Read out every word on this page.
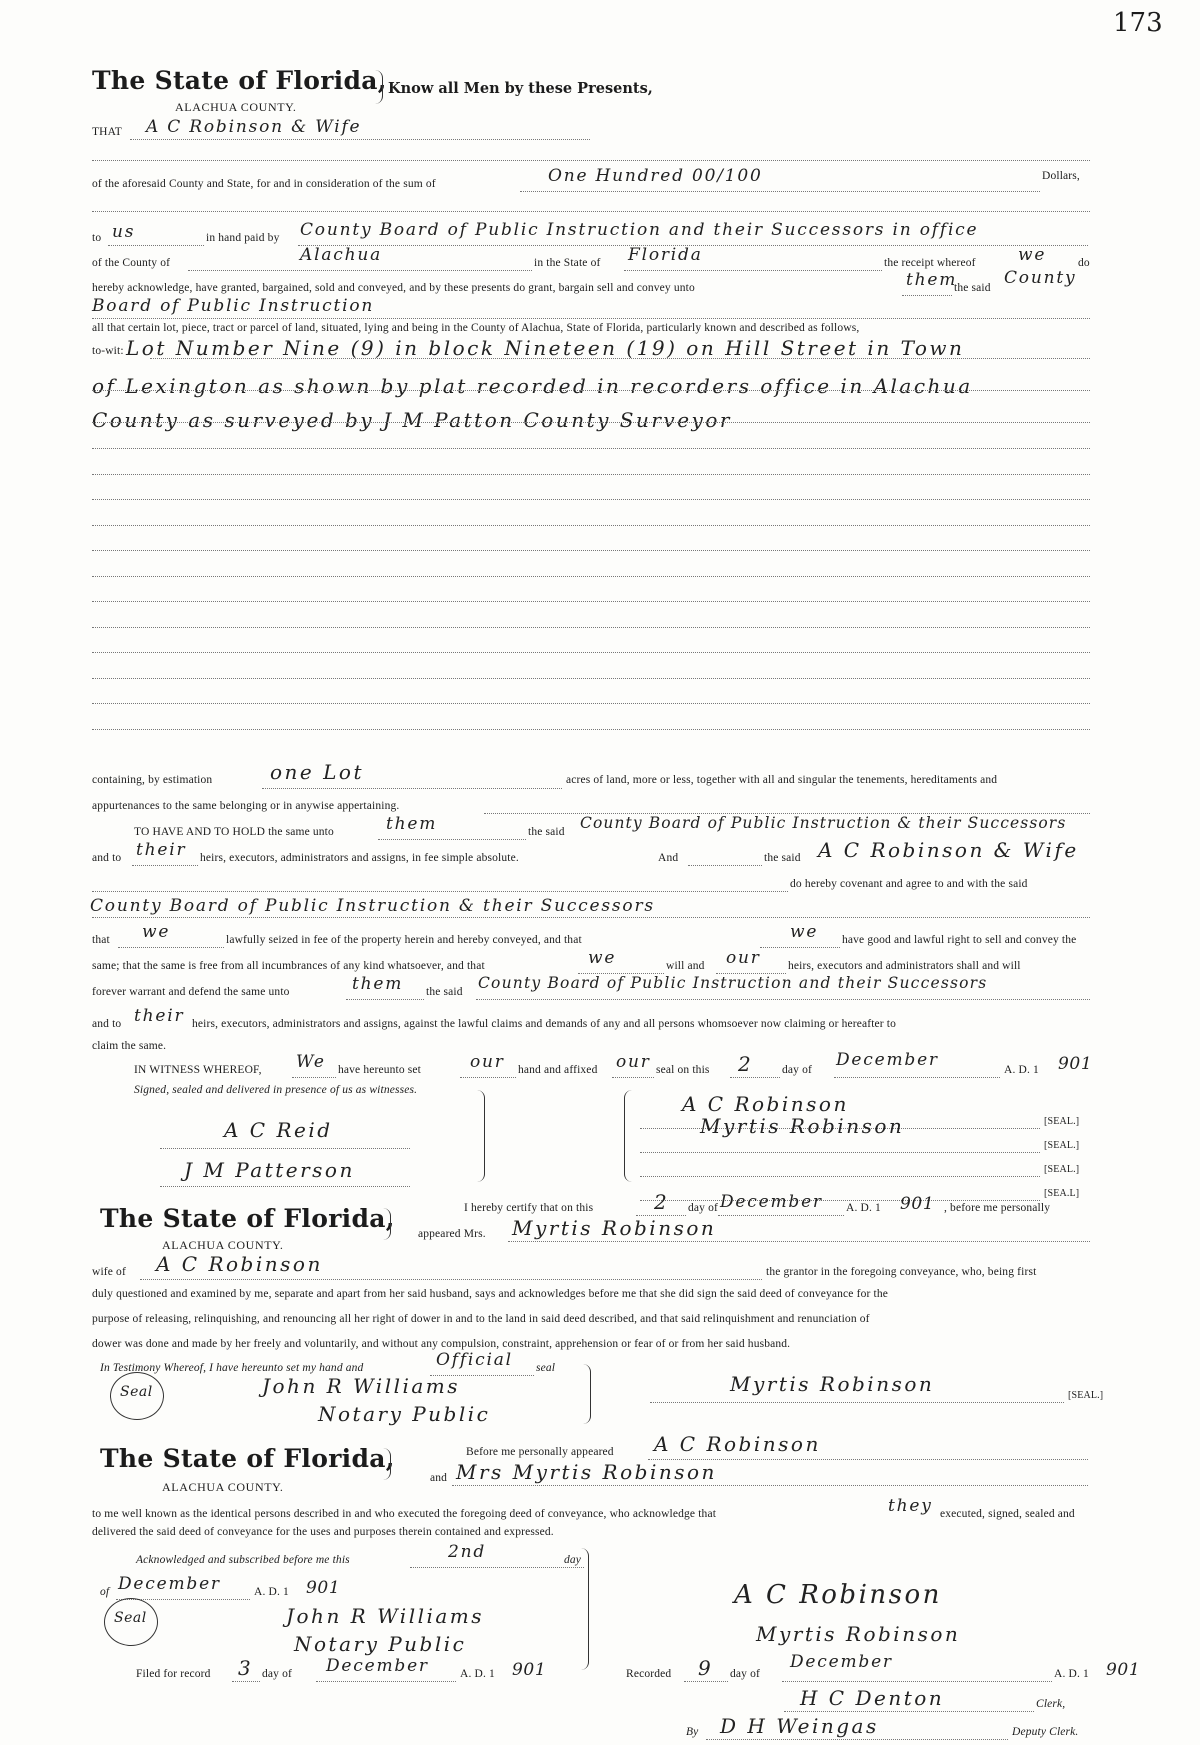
173
The State of Florida, Know all Men by these Presents,
ALACHUA COUNTY.
THAT A C Robinson & Wife
of the aforesaid County and State, for and in consideration of the sum of	One Hundred 00/100	Dollars,
to us	in hand paid by County Board of Public Instruction and their Successors in office
of the County of	Alachua	in the State of Florida	the receipt whereof we	do
hereby acknowledge, have granted, bargained, sold and conveyed, and by these presents do grant, bargain sell and convey unto	them
the said County
Board of Public Instruction
all that certain lot, piece, tract or parcel of land, situated, lying and being in the County of Alachua, State of Florida, particularly known and described as follows,
to-wit: Lot Number Nine (9) in block Nineteen (19) on Hill Street in Town
of Lexington as shown by plat recorded in recorders office in Alachua
County as surveyed by J M Patton County Surveyor
containing, by estimation	one Lot	acres of land, more or less, together with all and singular the tenements, hereditaments and
appurtenances to the same belonging or in anywise appertaining.
TO HAVE AND TO HOLD the same unto	them	the said County Board of Public Instruction & their Successors
and to their heirs, executors, administrators and assigns, in fee simple absolute.	And	the said A C Robinson & Wife
do hereby covenant and agree to and with the said
County Board of Public Instruction & their Successors
that we	lawfully seized in fee of the property herein and hereby conveyed, and that	we have good and lawful right to sell and convey the
same; that the same is free from all incumbrances of any kind whatsoever, and that	we	will and our heirs, executors and administrators shall and will
forever warrant and defend the same unto	them the said County Board of Public Instruction and their Successors
and to their heirs, executors, administrators and assigns, against the lawful claims and demands of any and all persons whomsoever now claiming or hereafter to
claim the same.
IN WITNESS WHEREOF, We have hereunto set	our hand and affixed our seal on this 2	day of December	A. D. 1 901
Signed, sealed and delivered in presence of us as witnesses.
A C Reid
J M Patterson
A C Robinson
Myrtis Robinson	[SEAL.]
[SEAL.]
[SEAL.]
[SEA.L]
The State of Florida,
ALACHUA COUNTY.
I hereby certify that on this	2 day of December A. D. 1 901 , before me personally
appeared Mrs. Myrtis Robinson
wife of A C Robinson	the grantor in the foregoing conveyance, who, being first
duly questioned and examined by me, separate and apart from her said husband, says and acknowledges before me that she did sign the said deed of conveyance for the
purpose of releasing, relinquishing, and renouncing all her right of dower in and to the land in said deed described, and that said relinquishment and renunciation of
dower was done and made by her freely and voluntarily, and without any compulsion, constraint, apprehension or fear of or from her said husband.
In Testimony Whereof, I have hereunto set my hand and	Official seal
Seal	John R Williams
Notary Public
Myrtis Robinson	[SEAL.]
The State of Florida,
ALACHUA COUNTY.
Before me personally appeared A C Robinson
and Mrs Myrtis Robinson
to me well known as the identical persons described in and who executed the foregoing deed of conveyance, who acknowledge that	they executed, signed, sealed and
delivered the said deed of conveyance for the uses and purposes therein contained and expressed.
Acknowledged and subscribed before me this	2nd	day
of December	A. D. 1 901
Seal	John R Williams
Notary Public
A C Robinson
Myrtis Robinson
Filed for record 3 day of December	A. D. 1 901	Recorded 9 day of
December
A. D. 1 901
H C Denton	Clerk,
By D H Weingas	Deputy Clerk.
